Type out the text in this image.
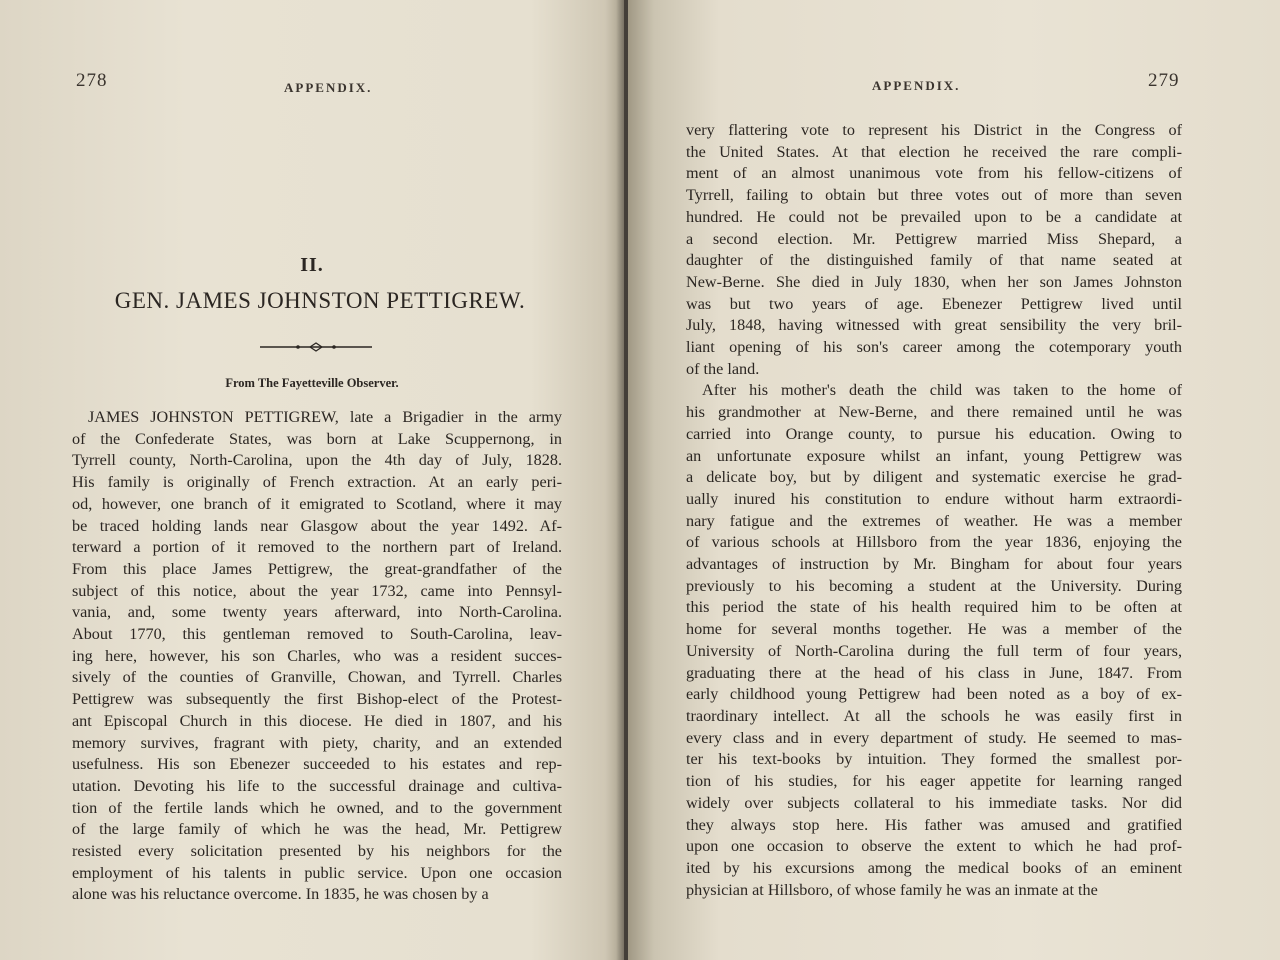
278	APPENDIX.
II.
GEN. JAMES JOHNSTON PETTIGREW.
From The Fayetteville Observer.
JAMES JOHNSTON PETTIGREW, late a Brigadier in the army
of the Confederate States, was born at Lake Scuppernong, in
Tyrrell county, North-Carolina, upon the 4th day of July, 1828.
His family is originally of French extraction. At an early peri-
od, however, one branch of it emigrated to Scotland, where it may
be traced holding lands near Glasgow about the year 1492. Af-
terward a portion of it removed to the northern part of Ireland.
From this place James Pettigrew, the great-grandfather of the
subject of this notice, about the year 1732, came into Pennsyl-
vania, and, some twenty years afterward, into North-Carolina.
About 1770, this gentleman removed to South-Carolina, leav-
ing here, however, his son Charles, who was a resident succes-
sively of the counties of Granville, Chowan, and Tyrrell. Charles
Pettigrew was subsequently the first Bishop-elect of the Protest-
ant Episcopal Church in this diocese. He died in 1807, and his
memory survives, fragrant with piety, charity, and an extended
usefulness. His son Ebenezer succeeded to his estates and rep-
utation. Devoting his life to the successful drainage and cultiva-
tion of the fertile lands which he owned, and to the government
of the large family of which he was the head, Mr. Pettigrew
resisted every solicitation presented by his neighbors for the
employment of his talents in public service. Upon one occasion
alone was his reluctance overcome. In 1835, he was chosen by a
APPENDIX.	279
very flattering vote to represent his District in the Congress of
the United States. At that election he received the rare compli-
ment of an almost unanimous vote from his fellow-citizens of
Tyrrell, failing to obtain but three votes out of more than seven
hundred. He could not be prevailed upon to be a candidate at
a second election. Mr. Pettigrew married Miss Shepard, a
daughter of the distinguished family of that name seated at
New-Berne. She died in July 1830, when her son James Johnston
was but two years of age. Ebenezer Pettigrew lived until
July, 1848, having witnessed with great sensibility the very bril-
liant opening of his son's career among the cotemporary youth
of the land.
After his mother's death the child was taken to the home of
his grandmother at New-Berne, and there remained until he was
carried into Orange county, to pursue his education. Owing to
an unfortunate exposure whilst an infant, young Pettigrew was
a delicate boy, but by diligent and systematic exercise he grad-
ually inured his constitution to endure without harm extraordi-
nary fatigue and the extremes of weather. He was a member
of various schools at Hillsboro from the year 1836, enjoying the
advantages of instruction by Mr. Bingham for about four years
previously to his becoming a student at the University. During
this period the state of his health required him to be often at
home for several months together. He was a member of the
University of North-Carolina during the full term of four years,
graduating there at the head of his class in June, 1847. From
early childhood young Pettigrew had been noted as a boy of ex-
traordinary intellect. At all the schools he was easily first in
every class and in every department of study. He seemed to mas-
ter his text-books by intuition. They formed the smallest por-
tion of his studies, for his eager appetite for learning ranged
widely over subjects collateral to his immediate tasks. Nor did
they always stop here. His father was amused and gratified
upon one occasion to observe the extent to which he had prof-
ited by his excursions among the medical books of an eminent
physician at Hillsboro, of whose family he was an inmate at the
